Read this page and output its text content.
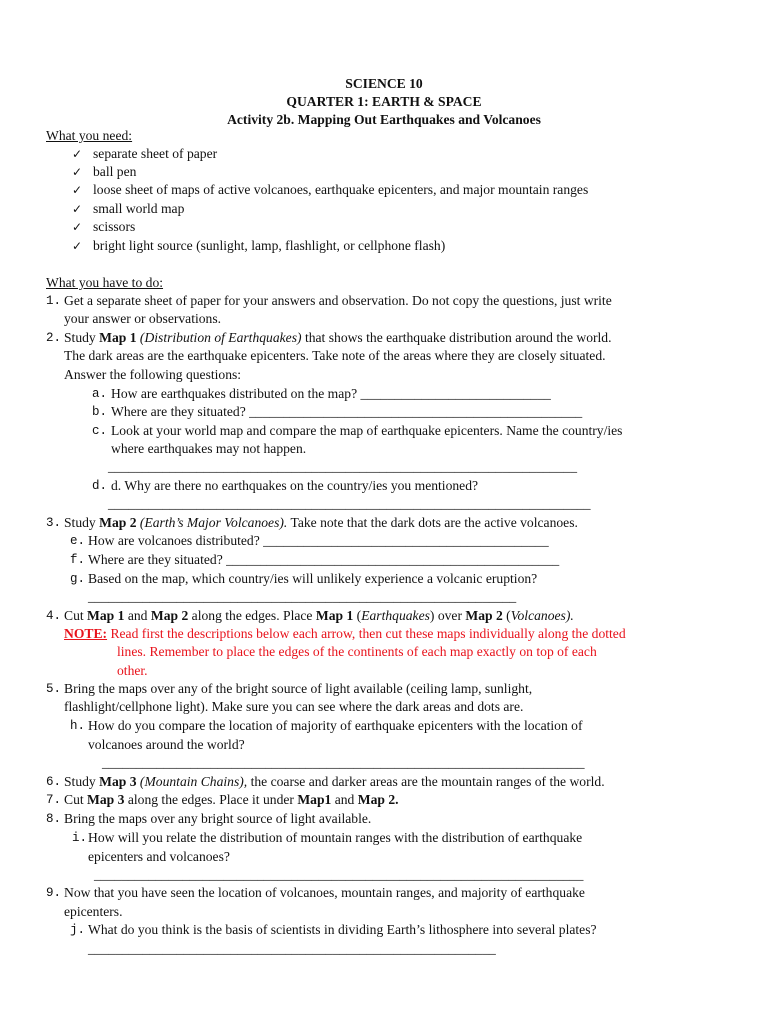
SCIENCE 10
QUARTER 1: EARTH & SPACE
Activity 2b. Mapping Out Earthquakes and Volcanoes
What you need:
✓ separate sheet of paper
✓ ball pen
✓ loose sheet of maps of active volcanoes, earthquake epicenters, and major mountain ranges
✓ small world map
✓ scissors
✓ bright light source (sunlight, lamp, flashlight, or cellphone flash)
What you have to do:
1. Get a separate sheet of paper for your answers and observation. Do not copy the questions, just write
your answer or observations.
2. Study Map 1 (Distribution of Earthquakes) that shows the earthquake distribution around the world.
The dark areas are the earthquake epicenters. Take note of the areas where they are closely situated.
Answer the following questions:
a. How are earthquakes distributed on the map? ____________________________
b. Where are they situated? _________________________________________________
c. Look at your world map and compare the map of earthquake epicenters. Name the country/ies
where earthquakes may not happen.
_____________________________________________________________________
d. d. Why are there no earthquakes on the country/ies you mentioned?
_______________________________________________________________________
3. Study Map 2 (Earth’s Major Volcanoes). Take note that the dark dots are the active volcanoes.
e. How are volcanoes distributed? __________________________________________
f. Where are they situated? _________________________________________________
g. Based on the map, which country/ies will unlikely experience a volcanic eruption?
_______________________________________________________________
4. Cut Map 1 and Map 2 along the edges. Place Map 1 (Earthquakes) over Map 2 (Volcanoes).
NOTE: Read first the descriptions below each arrow, then cut these maps individually along the dotted
lines. Remember to place the edges of the continents of each map exactly on top of each
other.
5. Bring the maps over any of the bright source of light available (ceiling lamp, sunlight,
flashlight/cellphone light). Make sure you can see where the dark areas and dots are.
h. How do you compare the location of majority of earthquake epicenters with the location of
volcanoes around the world?
_______________________________________________________________________
6. Study Map 3 (Mountain Chains), the coarse and darker areas are the mountain ranges of the world.
7. Cut Map 3 along the edges. Place it under Map1 and Map 2.
8. Bring the maps over any bright source of light available.
i. How will you relate the distribution of mountain ranges with the distribution of earthquake
epicenters and volcanoes?
________________________________________________________________________
9. Now that you have seen the location of volcanoes, mountain ranges, and majority of earthquake
epicenters.
j. What do you think is the basis of scientists in dividing Earth’s lithosphere into several plates?
____________________________________________________________
